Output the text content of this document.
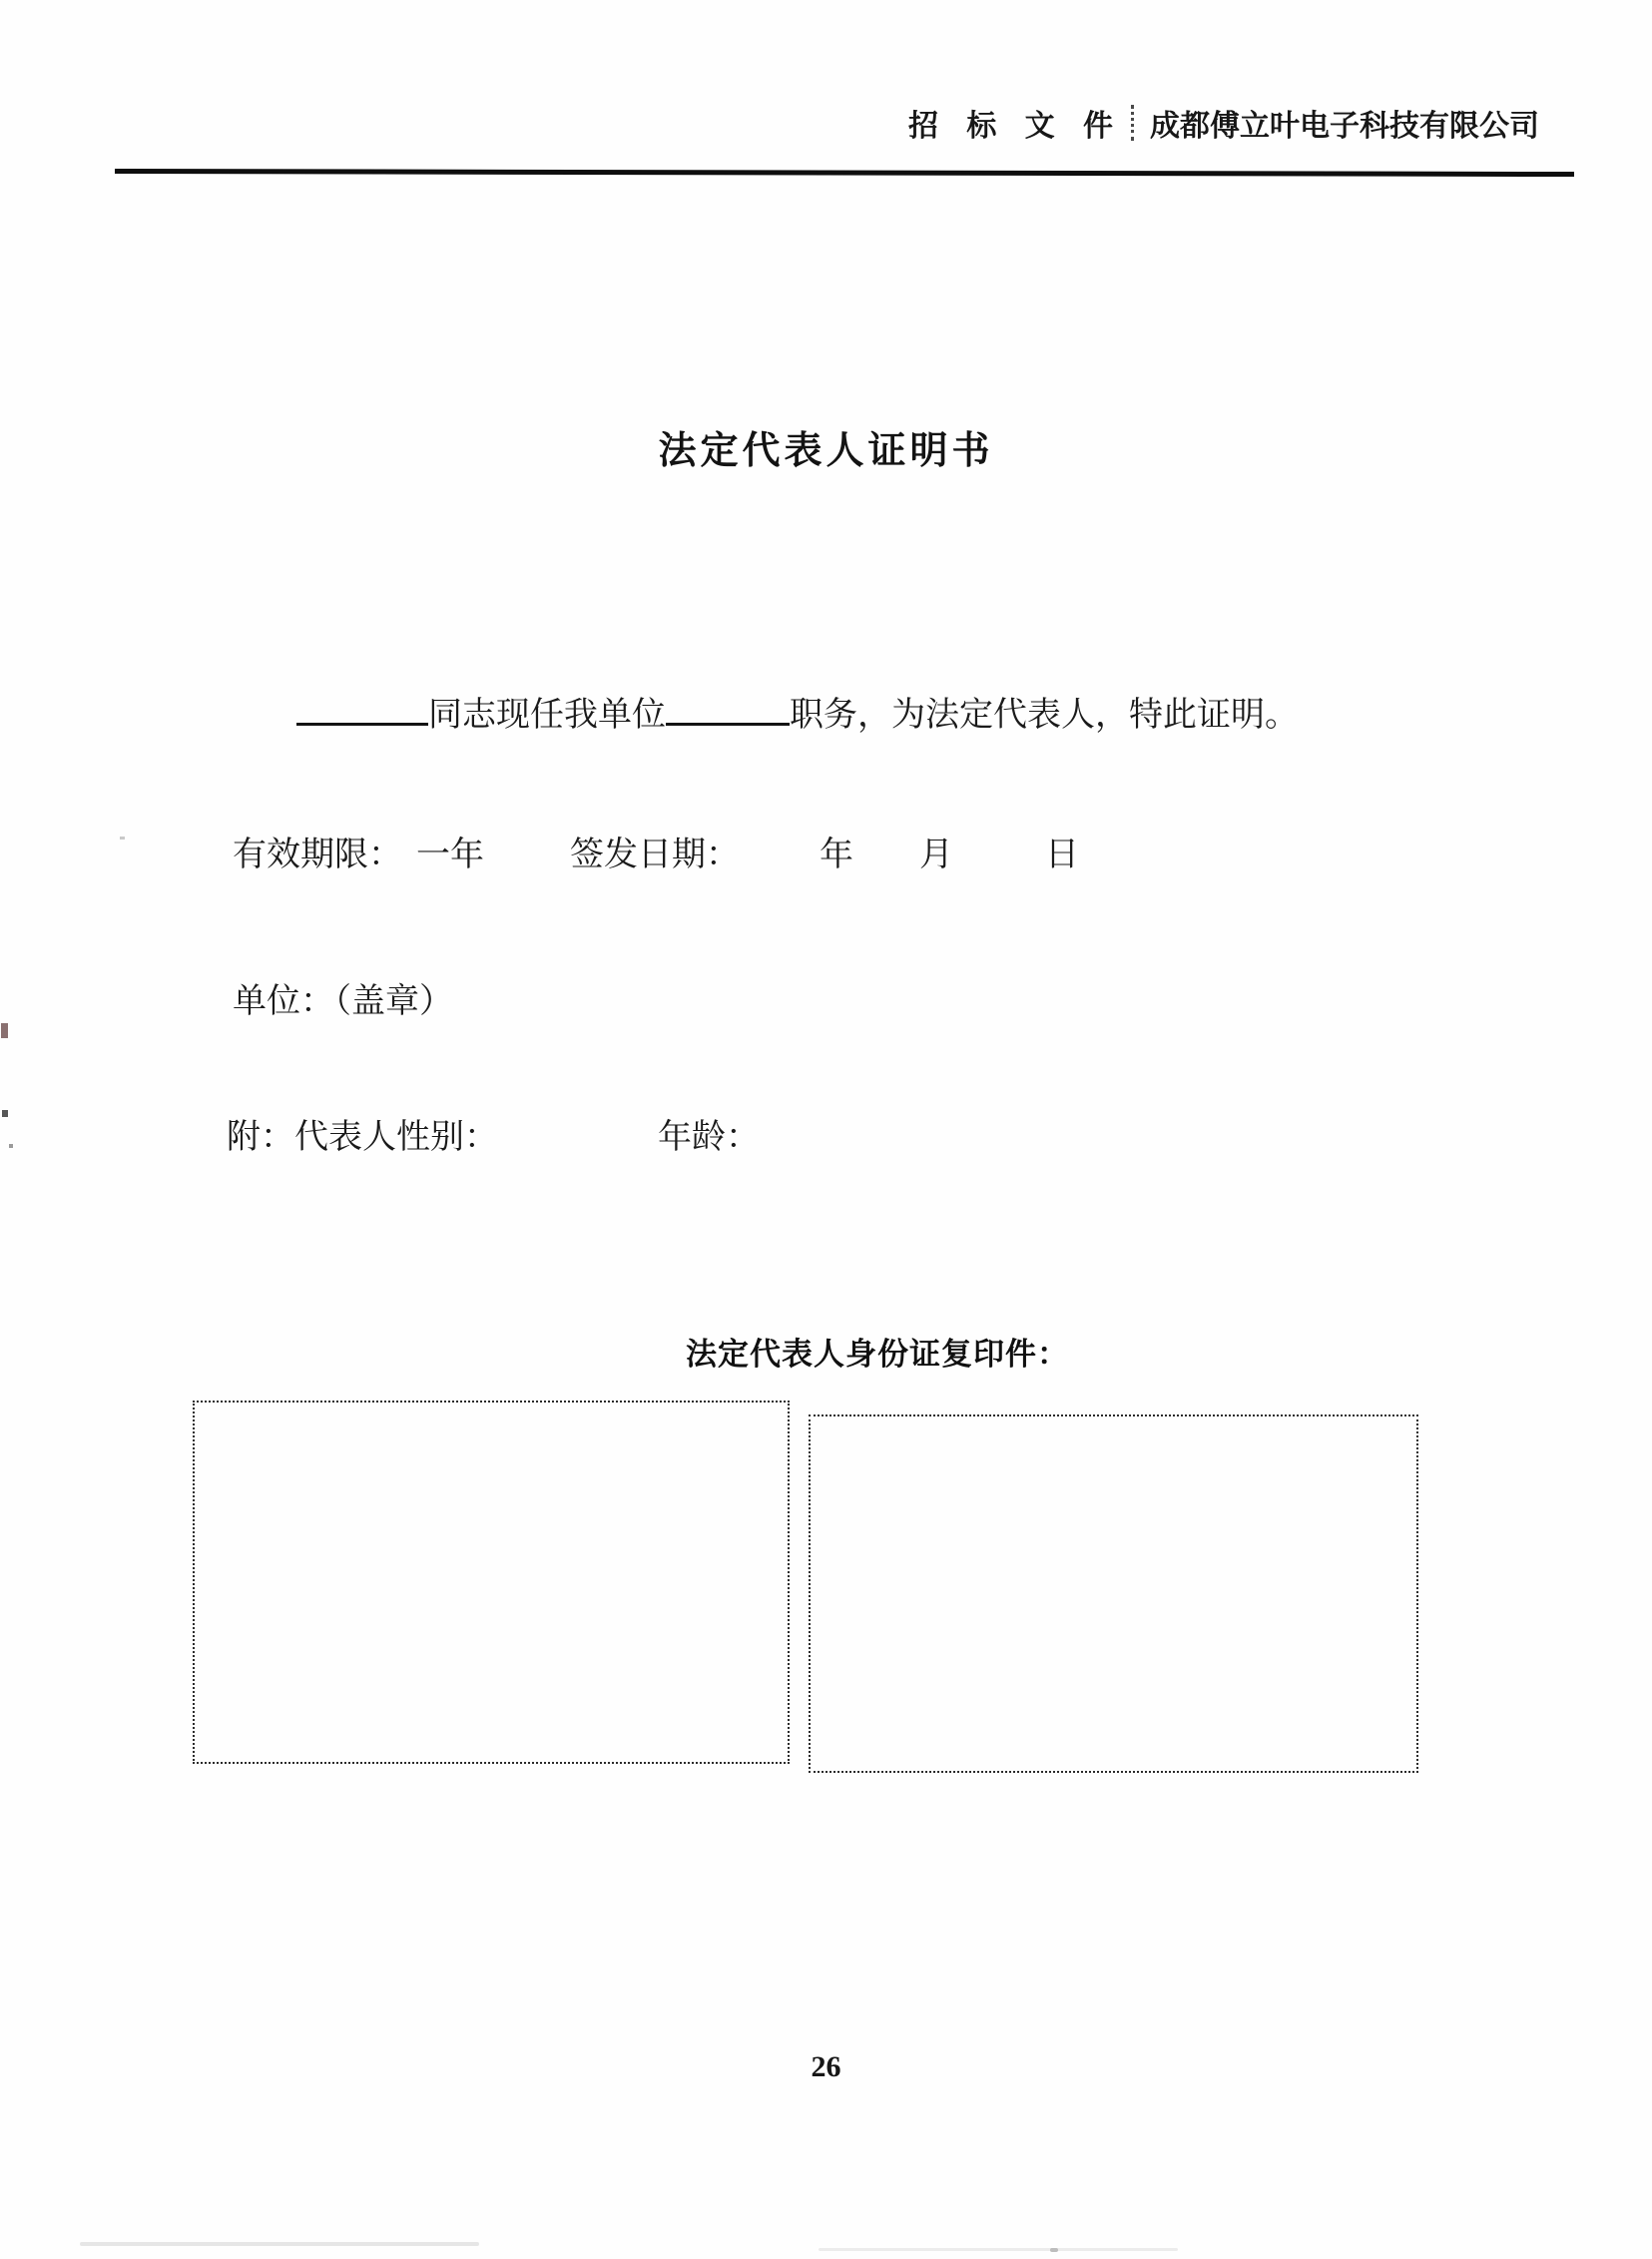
招 标 文 件 成都傅立叶电子科技有限公司
法定代表人证明书
同志现任我单位	职务，为法定代表人，特此证明。
有效期限： 一年	签发日期： 年 月	日
单位：（盖章）
附：代表人性别：	年龄：
法定代表人身份证复印件：
26
